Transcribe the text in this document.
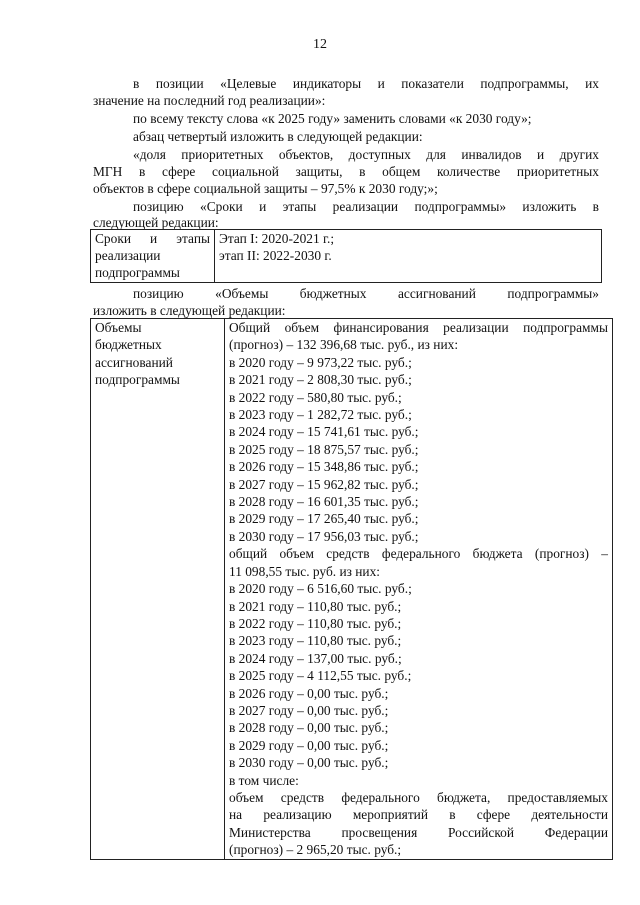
12
в позиции «Целевые индикаторы и показатели подпрограммы, их
значение на последний год реализации»:
по всему тексту слова «к 2025 году» заменить словами «к 2030 году»;
абзац четвертый изложить в следующей редакции:
«доля приоритетных объектов, доступных для инвалидов и других
МГН в сфере социальной защиты, в общем количестве приоритетных
объектов в сфере социальной защиты – 97,5% к 2030 году;»;
позицию «Сроки и этапы реализации подпрограммы» изложить в
следующей редакции:
Сроки и этапы
реализации
подпрограммы

Этап I: 2020-2021 г.;
этап II: 2022-2030 г.
позицию «Объемы бюджетных ассигнований подпрограммы»
изложить в следующей редакции:
Объемы
бюджетных
ассигнований
подпрограммы

Общий объем финансирования реализации подпрограммы
(прогноз) – 132 396,68 тыс. руб., из них:
в 2020 году – 9 973,22 тыс. руб.;
в 2021 году – 2 808,30 тыс. руб.;
в 2022 году – 580,80 тыс. руб.;
в 2023 году – 1 282,72 тыс. руб.;
в 2024 году – 15 741,61 тыс. руб.;
в 2025 году – 18 875,57 тыс. руб.;
в 2026 году – 15 348,86 тыс. руб.;
в 2027 году – 15 962,82 тыс. руб.;
в 2028 году – 16 601,35 тыс. руб.;
в 2029 году – 17 265,40 тыс. руб.;
в 2030 году – 17 956,03 тыс. руб.;
общий объем средств федерального бюджета (прогноз) –
11 098,55 тыс. руб. из них:
в 2020 году – 6 516,60 тыс. руб.;
в 2021 году – 110,80 тыс. руб.;
в 2022 году – 110,80 тыс. руб.;
в 2023 году – 110,80 тыс. руб.;
в 2024 году – 137,00 тыс. руб.;
в 2025 году – 4 112,55 тыс. руб.;
в 2026 году – 0,00 тыс. руб.;
в 2027 году – 0,00 тыс. руб.;
в 2028 году – 0,00 тыс. руб.;
в 2029 году – 0,00 тыс. руб.;
в 2030 году – 0,00 тыс. руб.;
в том числе:
объем средств федерального бюджета, предоставляемых
на реализацию мероприятий в сфере деятельности
Министерства просвещения Российской Федерации
(прогноз) – 2 965,20 тыс. руб.;
